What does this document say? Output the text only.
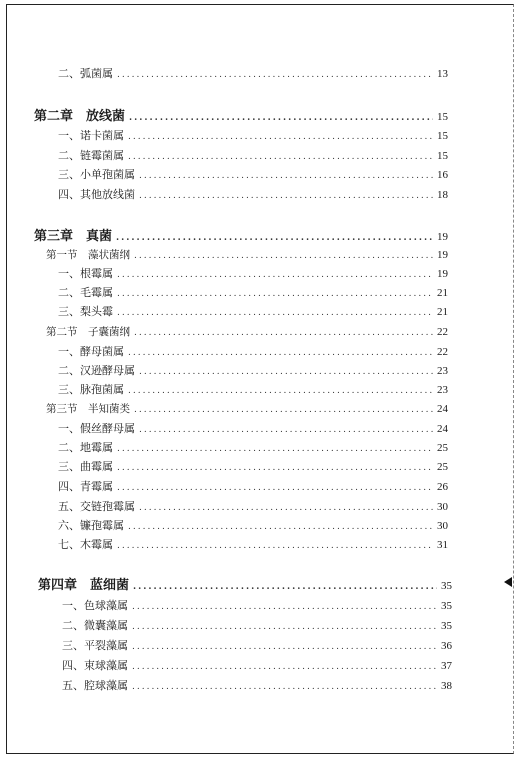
二、弧菌属 .....	13
第二章　放线菌 .....	15
一、诺卡菌属 .....	15
二、链霉菌属 .....	15
三、小单孢菌属 .....	16
四、其他放线菌 .....	18
第三章　真菌 .....	19
第一节　藻状菌纲 .....	19
一、根霉属 .....	19
二、毛霉属 .....	21
三、梨头霉 .....	21
第二节　子囊菌纲 .....	22
一、酵母菌属 .....	22
二、汉逊酵母属 .....	23
三、脉孢菌属 .....	23
第三节　半知菌类 .....	24
一、假丝酵母属 .....	24
二、地霉属 .....	25
三、曲霉属 .....	25
四、青霉属 .....	26
五、交链孢霉属 .....	30
六、镰孢霉属 .....	30
七、木霉属 .....	31
第四章　蓝细菌 .....	35
一、色球藻属 .....	35
二、微囊藻属 .....	35
三、平裂藻属 .....	36
四、束球藻属 .....	37
五、腔球藻属 .....	38
